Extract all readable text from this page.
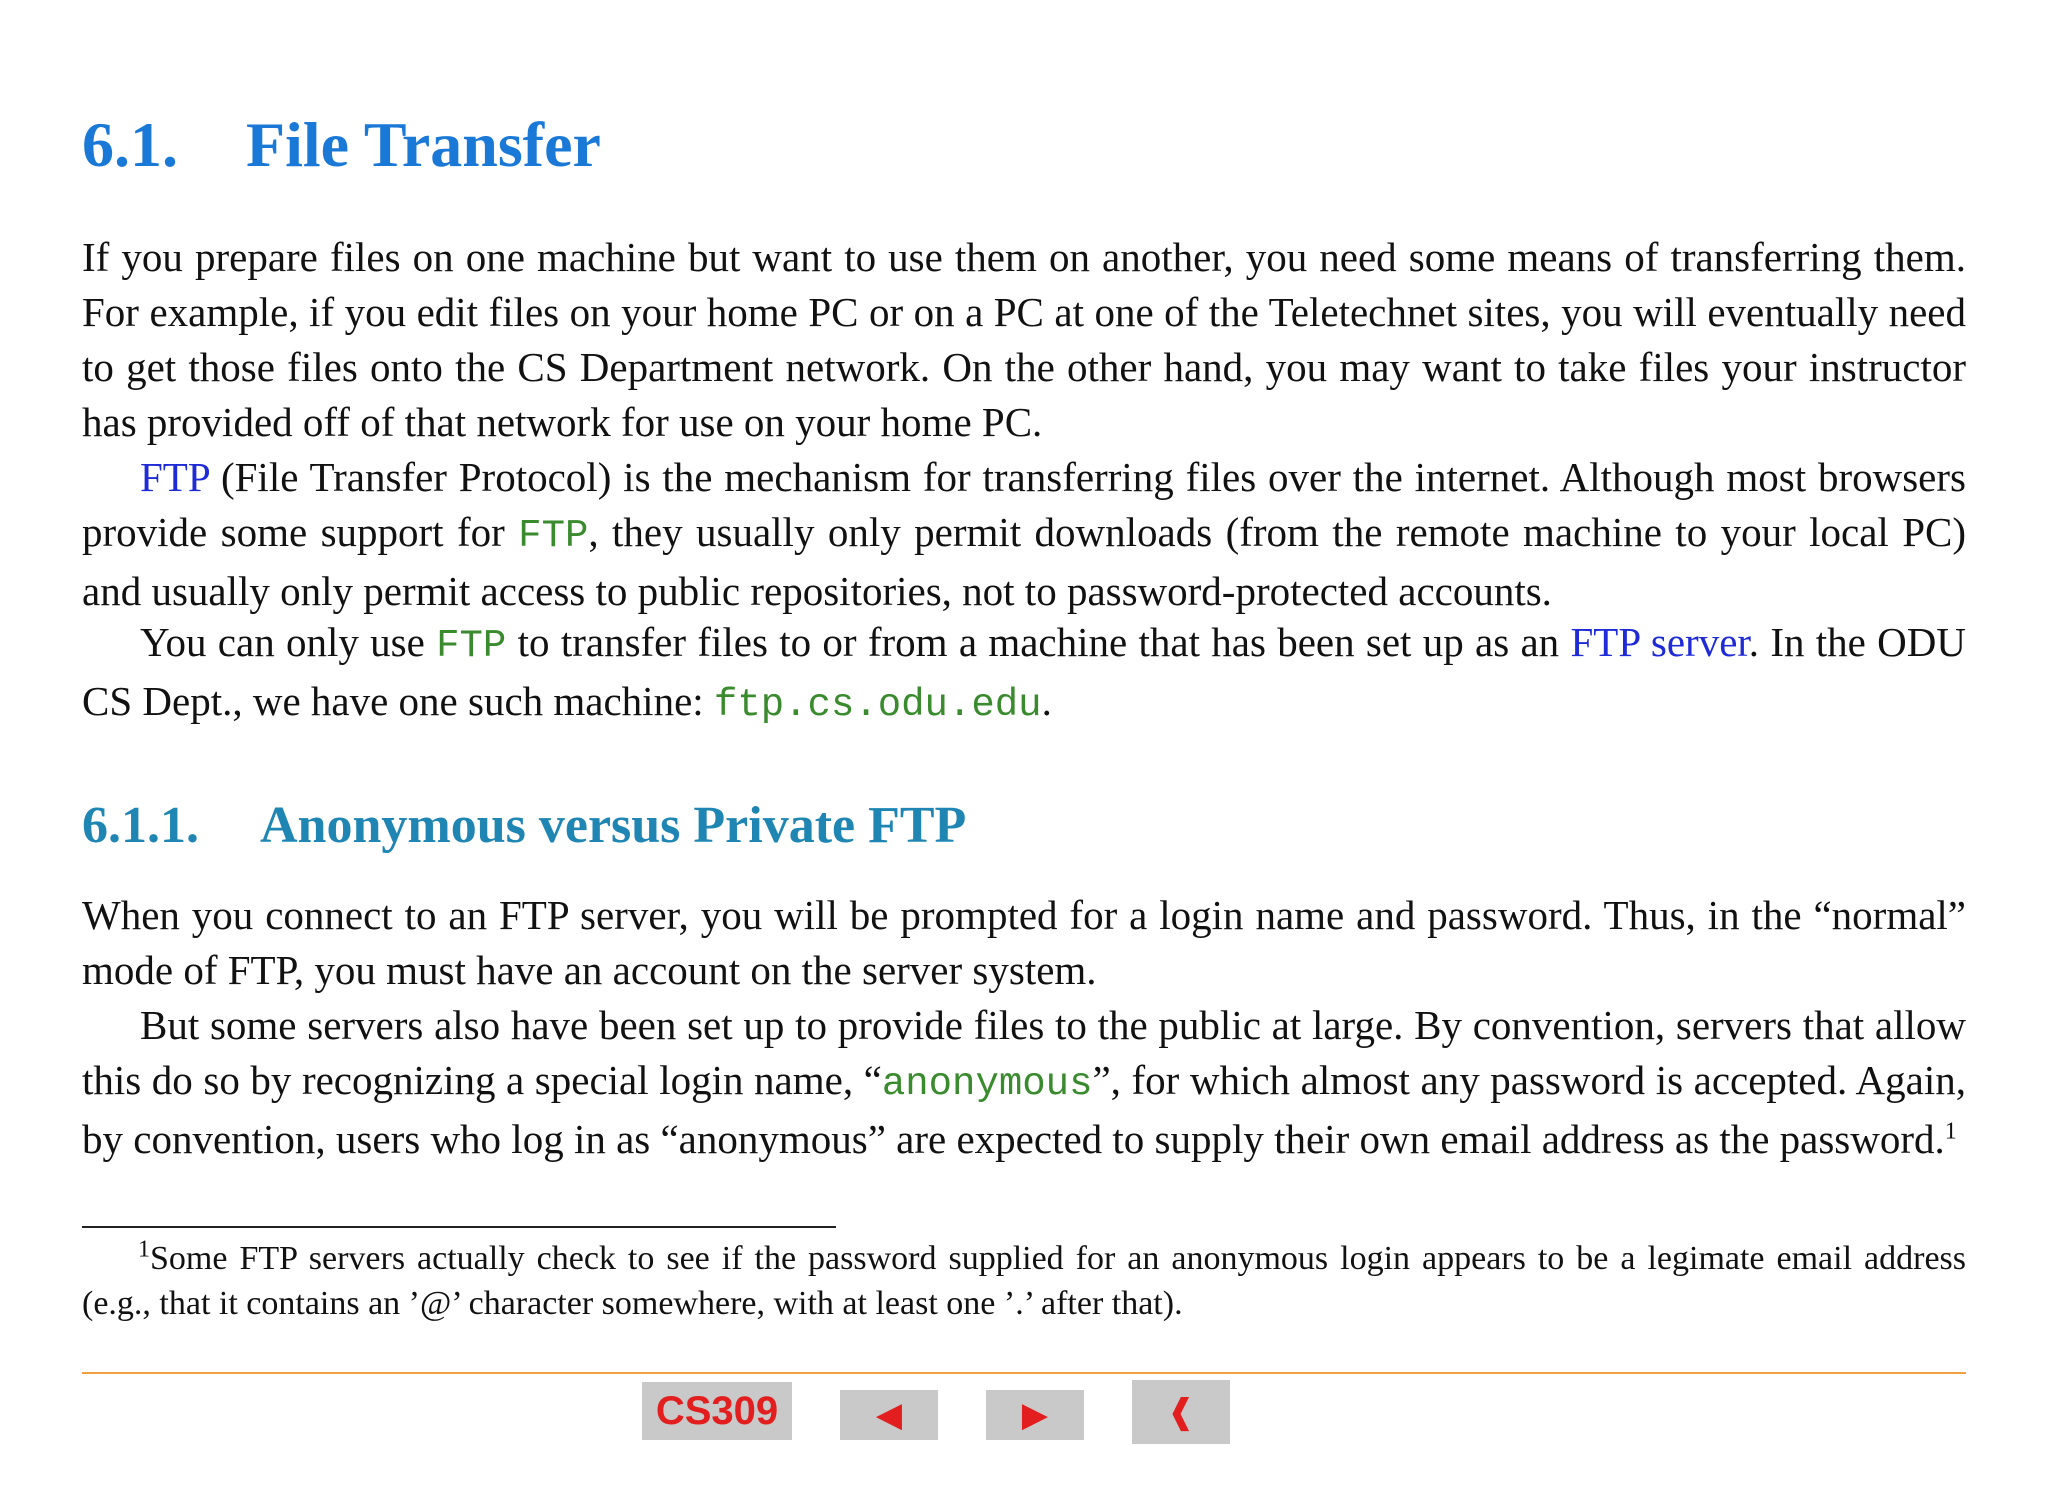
6.1. File Transfer

If you prepare files on one machine but want to use them on another, you need some means of transferring them. For example, if you edit files on your home PC or on a PC at one of the Teletechnet sites, you will eventually need to get those files onto the CS Department network. On the other hand, you may want to take files your instructor has provided off of that network for use on your home PC.

FTP (File Transfer Protocol) is the mechanism for transferring files over the internet. Although most browsers provide some support for FTP, they usually only permit downloads (from the remote machine to your local PC) and usually only permit access to public repositories, not to password-protected accounts.

You can only use FTP to transfer files to or from a machine that has been set up as an FTP server. In the ODU CS Dept., we have one such machine: ftp.cs.odu.edu.

6.1.1. Anonymous versus Private FTP

When you connect to an FTP server, you will be prompted for a login name and password. Thus, in the “normal” mode of FTP, you must have an account on the server system.

But some servers also have been set up to provide files to the public at large. By convention, servers that allow this do so by recognizing a special login name, “anonymous”, for which almost any password is accepted. Again, by convention, users who log in as “anonymous” are expected to supply their own email address as the password.$^1$

$^1$Some FTP servers actually check to see if the password supplied for an anonymous login appears to be a legimate email address (e.g., that it contains an ’@’ character somewhere, with at least one ’.’ after that).

CS309	◀	▶	❰
